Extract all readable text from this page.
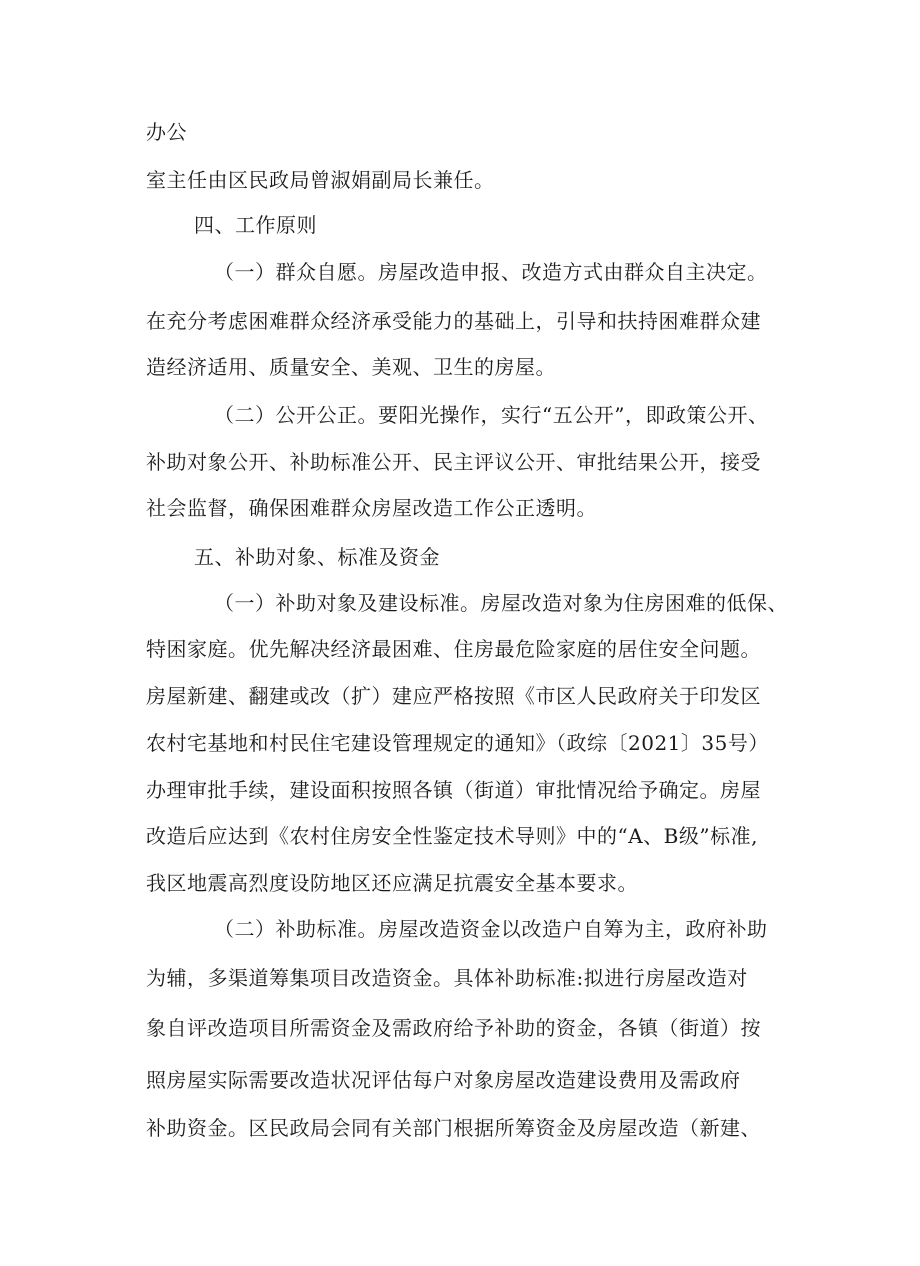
办公
室主任由区民政局曾淑娟副局长兼任。
四、工作原则
（一）群众自愿。房屋改造申报、改造方式由群众自主决定。
在充分考虑困难群众经济承受能力的基础上，引导和扶持困难群众建
造经济适用、质量安全、美观、卫生的房屋。
（二）公开公正。要阳光操作，实行“五公开”，即政策公开、
补助对象公开、补助标准公开、民主评议公开、审批结果公开，接受
社会监督，确保困难群众房屋改造工作公正透明。
五、补助对象、标准及资金
（一）补助对象及建设标准。房屋改造对象为住房困难的低保、
特困家庭。优先解决经济最困难、住房最危险家庭的居住安全问题。
房屋新建、翻建或改（扩）建应严格按照《市区人民政府关于印发区
农村宅基地和村民住宅建设管理规定的通知》（政综〔2021〕35号）
办理审批手续，建设面积按照各镇（街道）审批情况给予确定。房屋
改造后应达到《农村住房安全性鉴定技术导则》中的“A、B级”标准,
我区地震高烈度设防地区还应满足抗震安全基本要求。
（二）补助标准。房屋改造资金以改造户自筹为主，政府补助
为辅，多渠道筹集项目改造资金。具体补助标准:拟进行房屋改造对
象自评改造项目所需资金及需政府给予补助的资金，各镇（街道）按
照房屋实际需要改造状况评估每户对象房屋改造建设费用及需政府
补助资金。区民政局会同有关部门根据所筹资金及房屋改造（新建、
